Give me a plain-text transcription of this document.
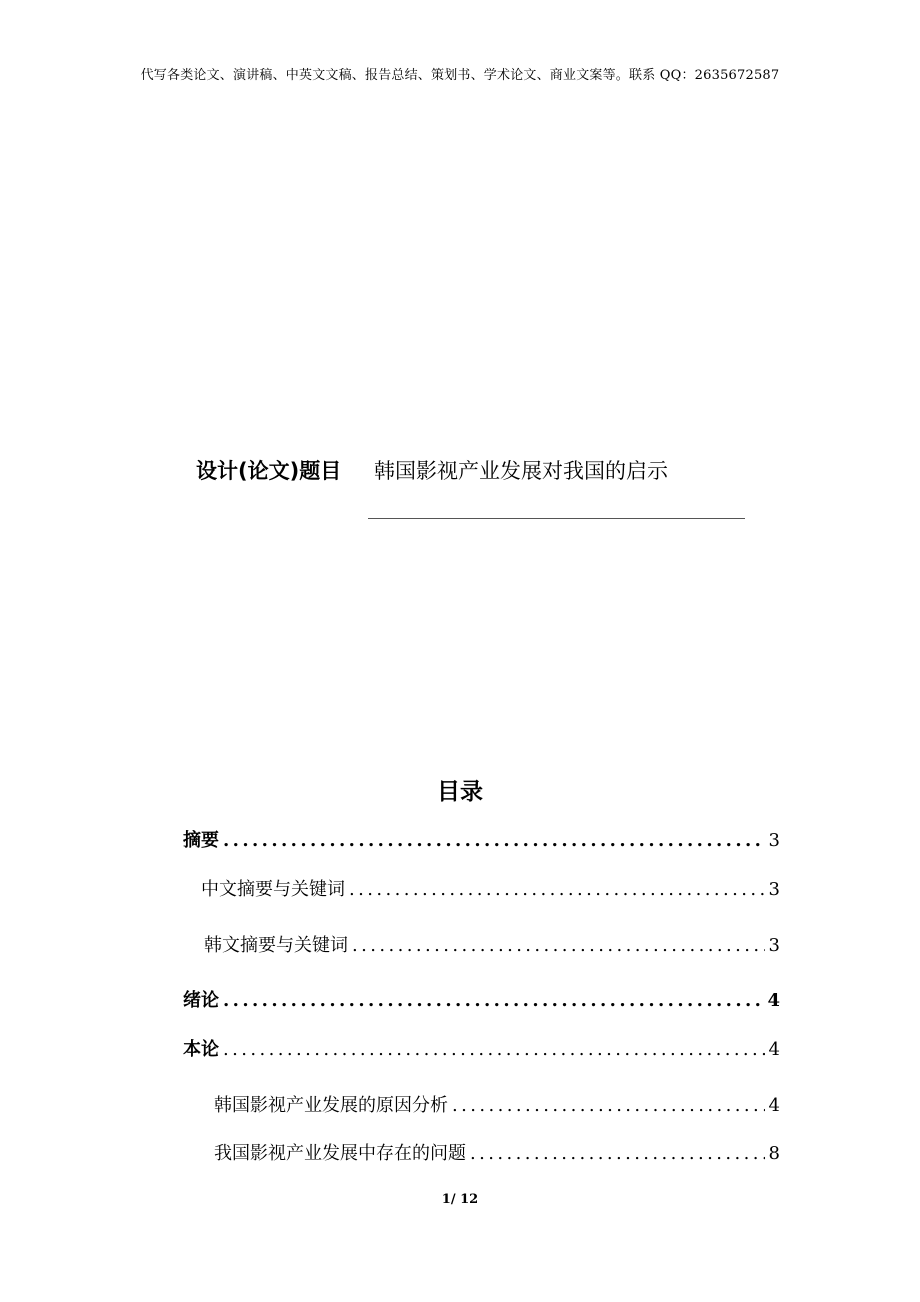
代写各类论文、演讲稿、中英文文稿、报告总结、策划书、学术论文、商业文案等。联系 QQ：2635672587
设计(论文)题目 韩国影视产业发展对我国的启示
目录
摘要 .....	3
中文摘要与关键词 .....	3
韩文摘要与关键词 .....	3
绪论 .....	4
本论 .....	4
韩国影视产业发展的原因分析 .....	4
我国影视产业发展中存在的问题 .....	8
1/ 12
